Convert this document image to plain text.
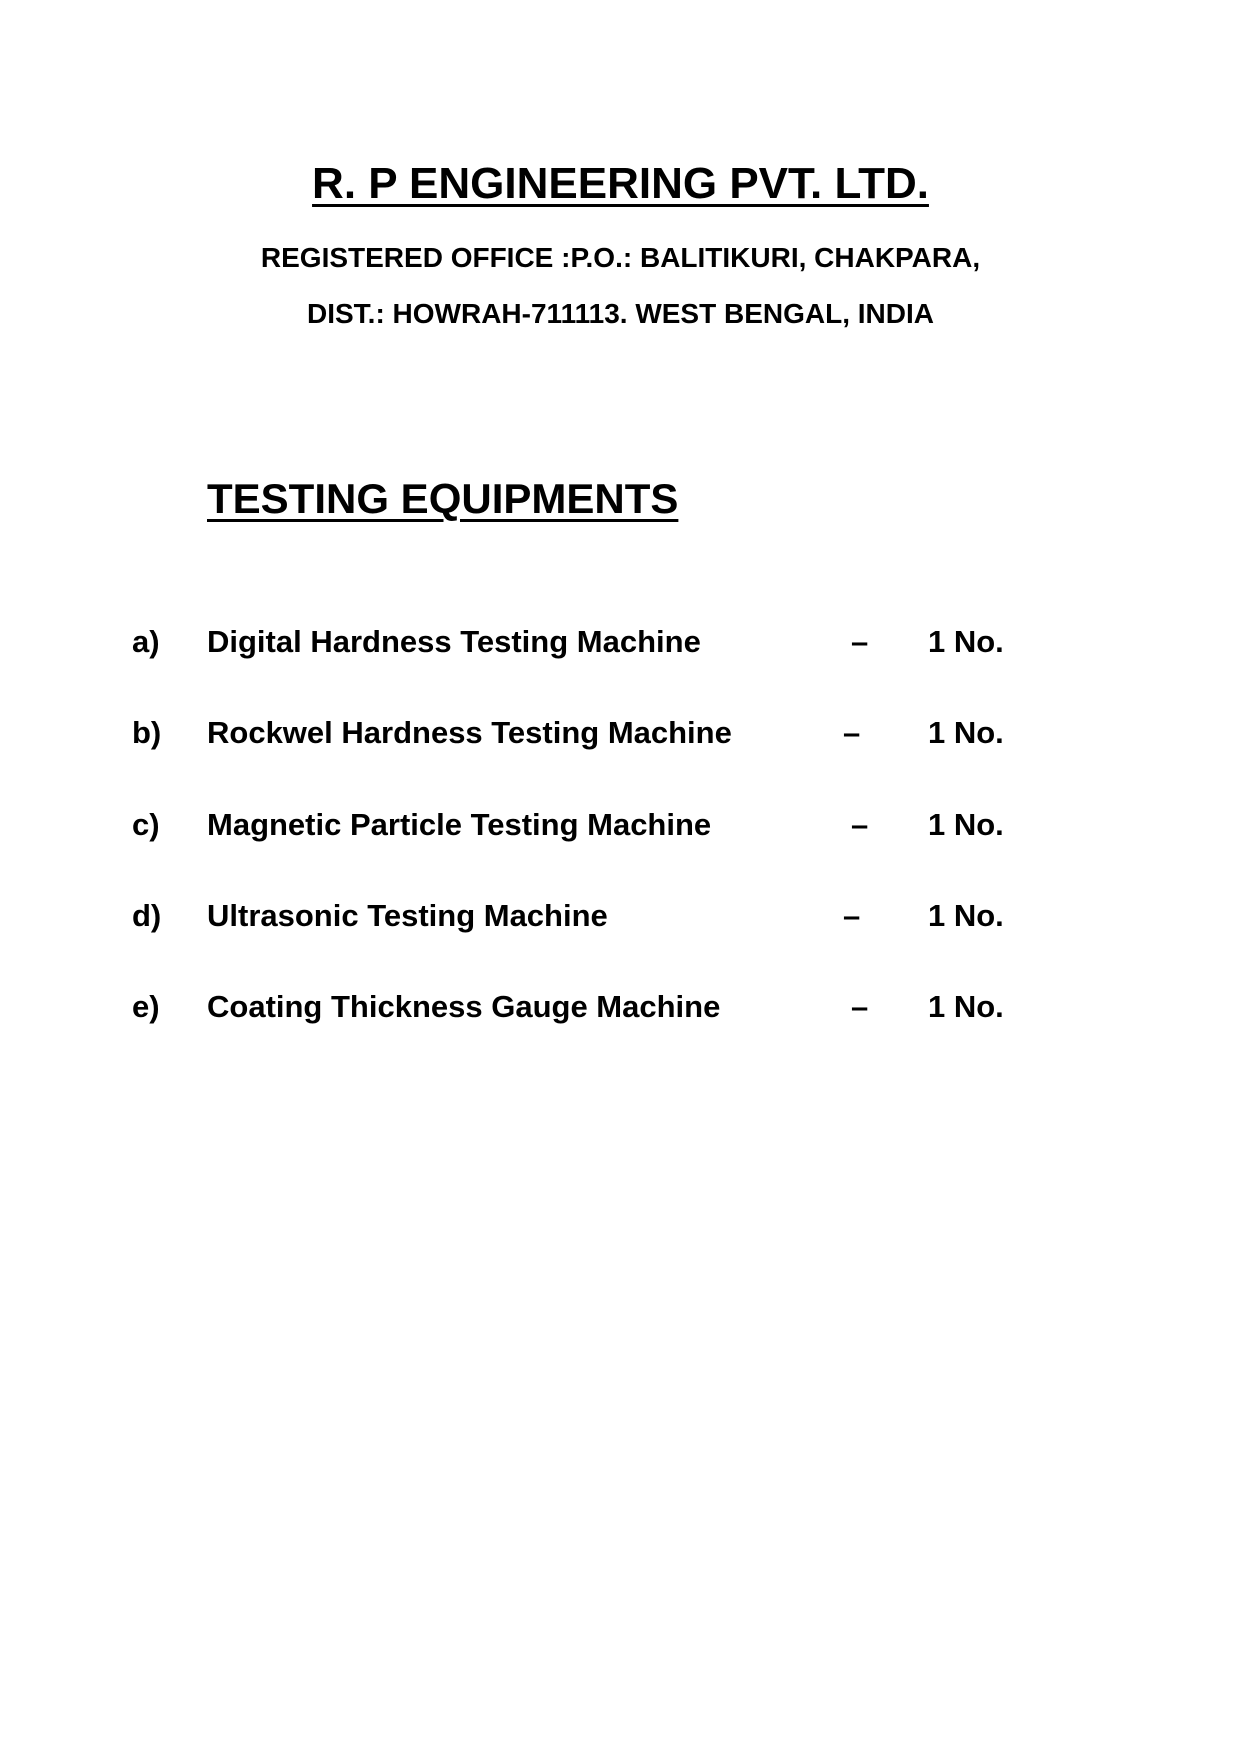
R. P ENGINEERING PVT. LTD.
REGISTERED OFFICE :P.O.: BALITIKURI, CHAKPARA,
DIST.: HOWRAH-711113. WEST BENGAL, INDIA
TESTING EQUIPMENTS
a) Digital Hardness Testing Machine	– 1 No.
b) Rockwel Hardness Testing Machine	– 1 No.
c) Magnetic Particle Testing Machine	– 1 No.
d) Ultrasonic Testing Machine	– 1 No.
e) Coating Thickness Gauge Machine	– 1 No.
